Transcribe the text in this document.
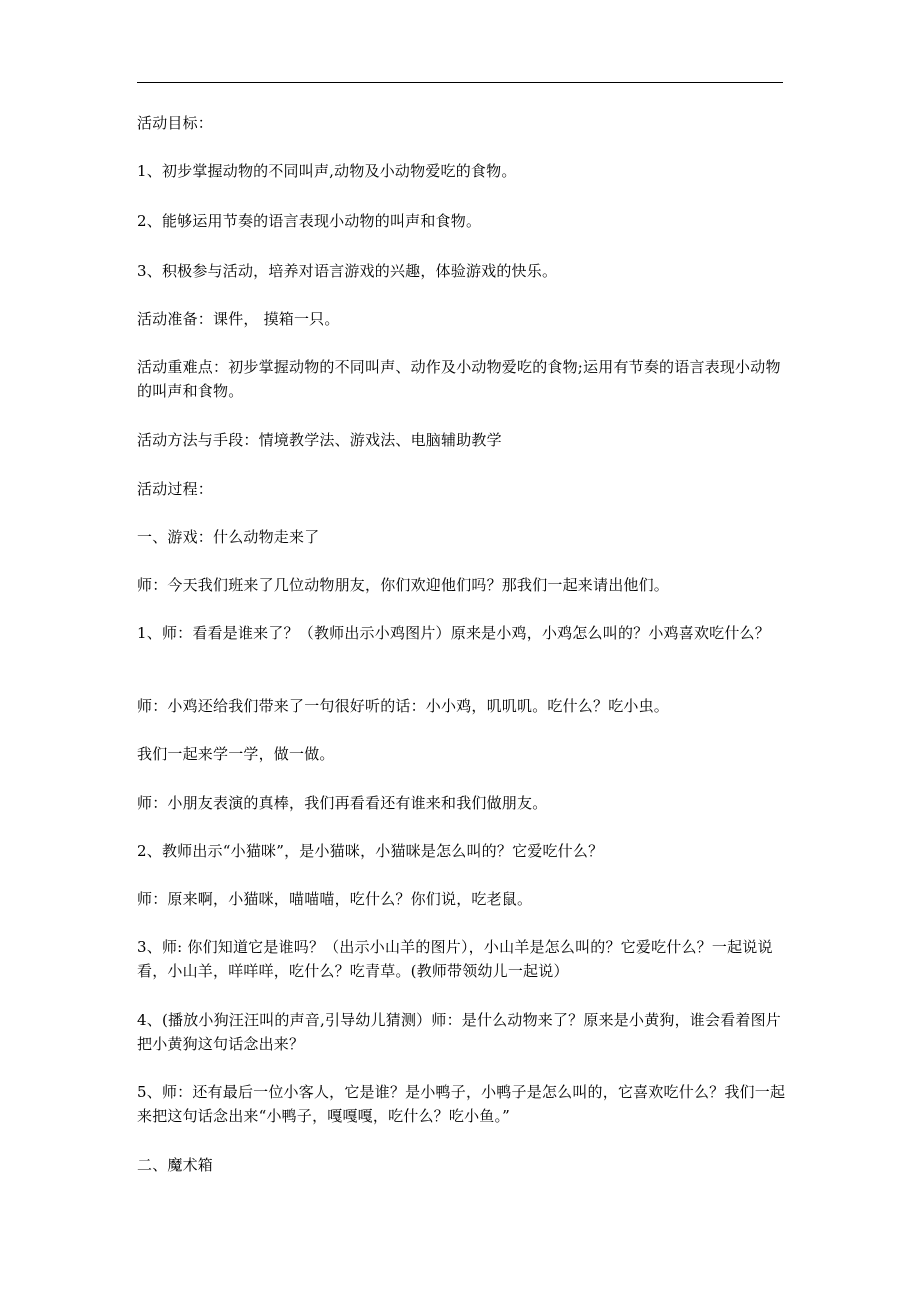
活动目标：
1、初步掌握动物的不同叫声,动物及小动物爱吃的食物。
2、能够运用节奏的语言表现小动物的叫声和食物。
3、积极参与活动，培养对语言游戏的兴趣，体验游戏的快乐。
活动准备：课件， 摸箱一只。
活动重难点：初步掌握动物的不同叫声、动作及小动物爱吃的食物;运用有节奏的语言表现小动物的叫声和食物。
活动方法与手段：情境教学法、游戏法、电脑辅助教学
活动过程：
一、游戏：什么动物走来了
师：今天我们班来了几位动物朋友，你们欢迎他们吗？那我们一起来请出他们。
1、师：看看是谁来了？（教师出示小鸡图片）原来是小鸡，小鸡怎么叫的？小鸡喜欢吃什么？
师：小鸡还给我们带来了一句很好听的话：小小鸡，叽叽叽。吃什么？吃小虫。
我们一起来学一学，做一做。
师：小朋友表演的真棒，我们再看看还有谁来和我们做朋友。
2、教师出示“小猫咪”，是小猫咪，小猫咪是怎么叫的？它爱吃什么？
师：原来啊，小猫咪，喵喵喵，吃什么？你们说，吃老鼠。
3、师: 你们知道它是谁吗？（出示小山羊的图片），小山羊是怎么叫的？它爱吃什么？一起说说看，小山羊，咩咩咩，吃什么？吃青草。(教师带领幼儿一起说）
4、(播放小狗汪汪叫的声音,引导幼儿猜测）师：是什么动物来了？原来是小黄狗，谁会看着图片把小黄狗这句话念出来？
5、师：还有最后一位小客人，它是谁？是小鸭子，小鸭子是怎么叫的，它喜欢吃什么？我们一起来把这句话念出来“小鸭子，嘎嘎嘎，吃什么？吃小鱼。”
二、魔术箱
